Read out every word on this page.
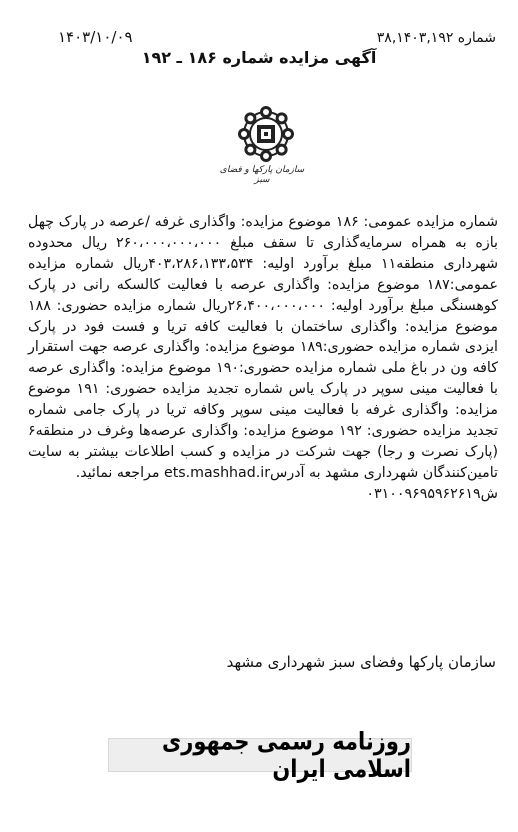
شماره ۳۸,۱۴۰۳,۱۹۲
۱۴۰۳/۱۰/۰۹
آگهی مزایده شماره ۱۸۶ ـ ۱۹۲
سازمان پارکها و فضای سبز

شماره مزایده عمومی: ۱۸۶ موضوع مزایده: واگذاری غرفه /عرصه در پارک چهل بازه به همراه سرمایه‌گذاری تا سقف مبلغ ۲۶۰،۰۰۰،۰۰۰،۰۰۰ ریال محدوده شهرداری منطقه۱۱ مبلغ برآورد اولیه: ۴۰۳،۲۸۶،۱۳۳،۵۳۴ریال شماره مزایده عمومی:۱۸۷ موضوع مزایده: واگذاری عرصه با فعالیت کالسکه رانی در پارک کوهسنگی مبلغ برآورد اولیه: ۲۶،۴۰۰،۰۰۰،۰۰۰ریال شماره مزایده حضوری: ۱۸۸ موضوع مزایده: واگذاری ساختمان با فعالیت کافه تریا و فست فود در پارک ایزدی شماره مزایده حضوری:۱۸۹ موضوع مزایده: واگذاری عرصه جهت استقرار کافه ون در باغ ملی شماره مزایده حضوری:۱۹۰ موضوع مزایده: واگذاری عرصه با فعالیت مینی سوپر در پارک یاس شماره تجدید مزایده حضوری: ۱۹۱ موضوع مزایده: واگذاری غرفه با فعالیت مینی سوپر وکافه تریا در پارک جامی شماره تجدید مزایده حضوری: ۱۹۲ موضوع مزایده: واگذاری عرصه‌ها وغرف در منطقه۶ (پارک نصرت و رجا) جهت شرکت در مزایده و کسب اطلاعات بیشتر به سایت تامین‌کنندگان شهرداری مشهد به آدرسets.mashhad.ir مراجعه نمائید.

ش۰۳۱۰۰۹۶۹۵۹۶۲۶۱۹

سازمان پارکها وفضای سبز شهرداری مشهد
روزنامه رسمی جمهوری اسلامی ایران
